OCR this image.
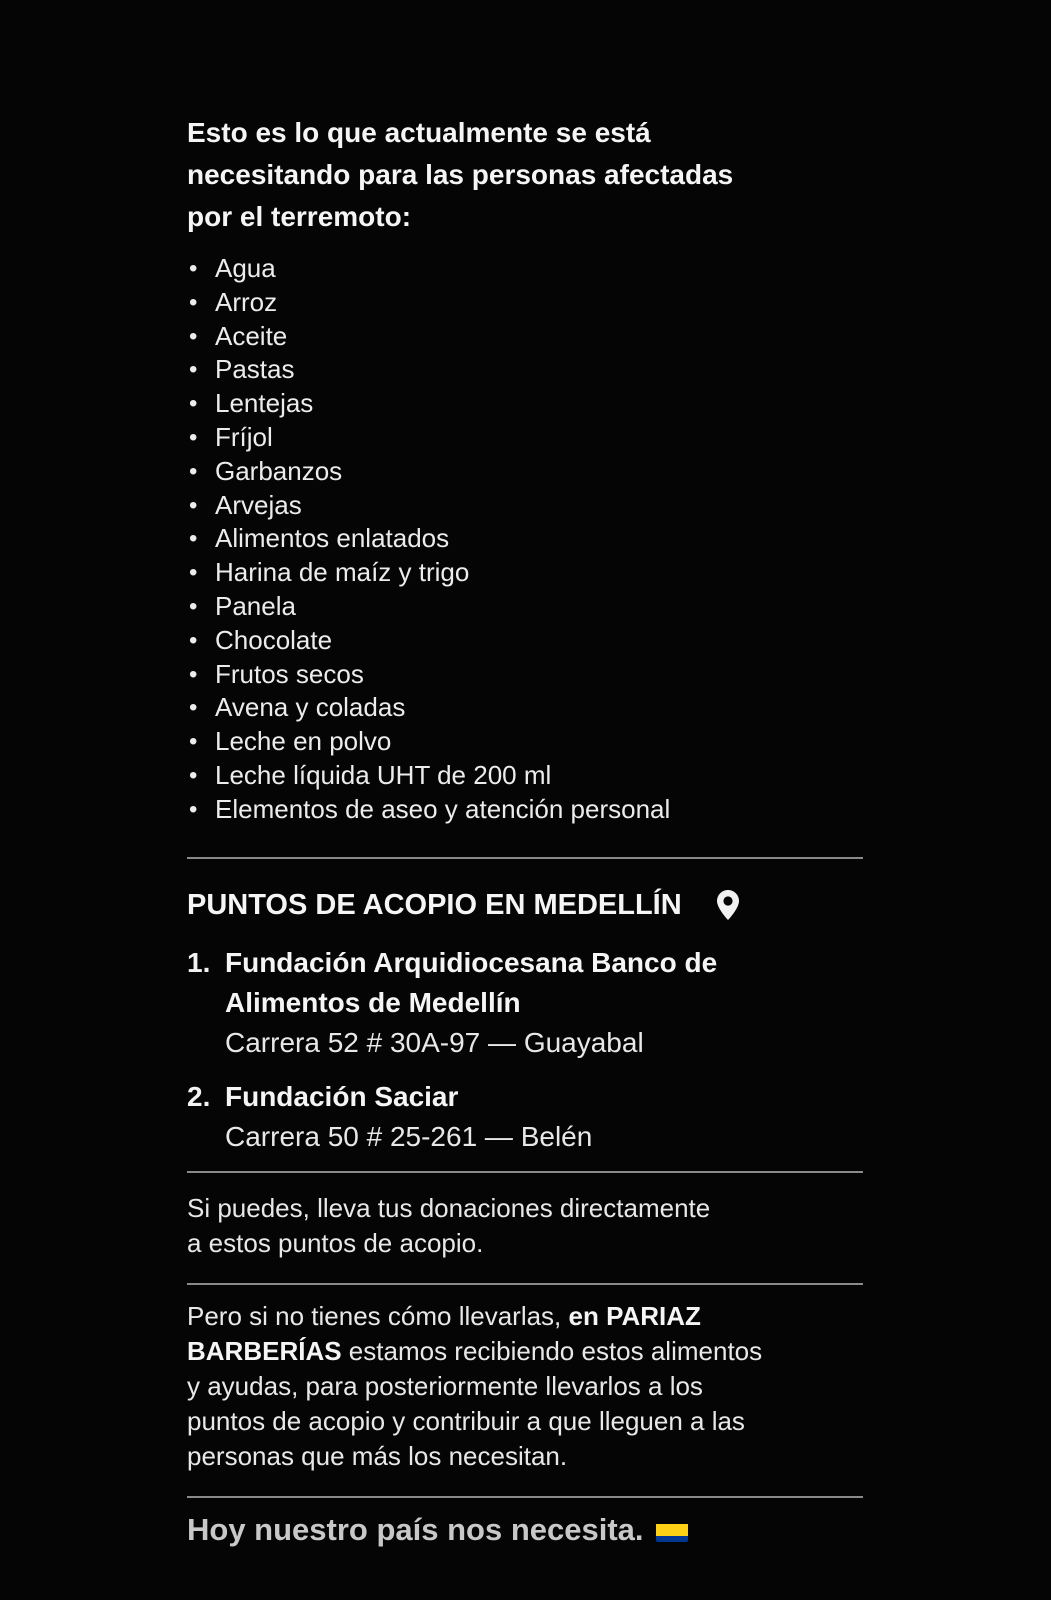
Esto es lo que actualmente se está
necesitando para las personas afectadas
por el terremoto:

• Agua
• Arroz
• Aceite
• Pastas
• Lentejas
• Fríjol
• Garbanzos
• Arvejas
• Alimentos enlatados
• Harina de maíz y trigo
• Panela
• Chocolate
• Frutos secos
• Avena y coladas
• Leche en polvo
• Leche líquida UHT de 200 ml
• Elementos de aseo y atención personal
PUNTOS DE ACOPIO EN MEDELLÍN
1. Fundación Arquidiocesana Banco de
Alimentos de Medellín
Carrera 52 # 30A-97 — Guayabal
2. Fundación Saciar
Carrera 50 # 25-261 — Belén

Si puedes, lleva tus donaciones directamente
a estos puntos de acopio.

Pero si no tienes cómo llevarlas, en PARIAZ
BARBERÍAS estamos recibiendo estos alimentos
y ayudas, para posteriormente llevarlos a los
puntos de acopio y contribuir a que lleguen a las
personas que más los necesitan.

Hoy nuestro país nos necesita.
